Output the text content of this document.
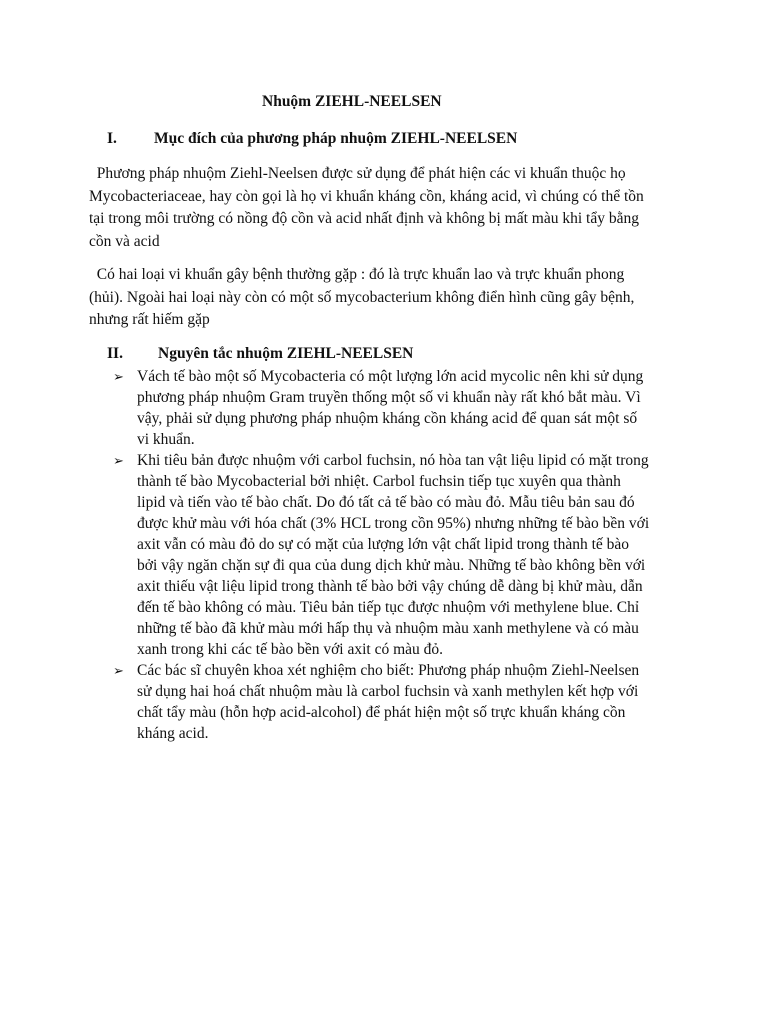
Nhuộm ZIEHL-NEELSEN
I. Mục đích của phương pháp nhuộm ZIEHL-NEELSEN
Phương pháp nhuộm Ziehl-Neelsen được sử dụng để phát hiện các vi khuẩn thuộc họ
Mycobacteriaceae, hay còn gọi là họ vi khuẩn kháng cồn, kháng acid, vì chúng có thể tồn
tại trong môi trường có nồng độ cồn và acid nhất định và không bị mất màu khi tẩy bằng
cồn và acid
Có hai loại vi khuẩn gây bệnh thường gặp : đó là trực khuẩn lao và trực khuẩn phong
(hủi). Ngoài hai loại này còn có một số mycobacterium không điển hình cũng gây bệnh,
nhưng rất hiếm gặp
II. Nguyên tắc nhuộm ZIEHL-NEELSEN
➢ Vách tế bào một số Mycobacteria có một lượng lớn acid mycolic nên khi sử dụng
phương pháp nhuộm Gram truyền thống một số vi khuẩn này rất khó bắt màu. Vì
vậy, phải sử dụng phương pháp nhuộm kháng cồn kháng acid để quan sát một số
vi khuẩn.
➢ Khi tiêu bản được nhuộm với carbol fuchsin, nó hòa tan vật liệu lipid có mặt trong
thành tế bào Mycobacterial bởi nhiệt. Carbol fuchsin tiếp tục xuyên qua thành
lipid và tiến vào tế bào chất. Do đó tất cả tế bào có màu đỏ. Mẫu tiêu bản sau đó
được khử màu với hóa chất (3% HCL trong cồn 95%) nhưng những tế bào bền với
axit vẫn có màu đỏ do sự có mặt của lượng lớn vật chất lipid trong thành tế bào
bởi vậy ngăn chặn sự đi qua của dung dịch khử màu. Những tế bào không bền với
axit thiếu vật liệu lipid trong thành tế bào bởi vậy chúng dễ dàng bị khử màu, dẫn
đến tế bào không có màu. Tiêu bản tiếp tục được nhuộm với methylene blue. Chỉ
những tế bào đã khử màu mới hấp thụ và nhuộm màu xanh methylene và có màu
xanh trong khi các tế bào bền với axit có màu đỏ.
➢ Các bác sĩ chuyên khoa xét nghiệm cho biết: Phương pháp nhuộm Ziehl-Neelsen
sử dụng hai hoá chất nhuộm màu là carbol fuchsin và xanh methylen kết hợp với
chất tẩy màu (hỗn hợp acid-alcohol) để phát hiện một số trực khuẩn kháng cồn
kháng acid.
